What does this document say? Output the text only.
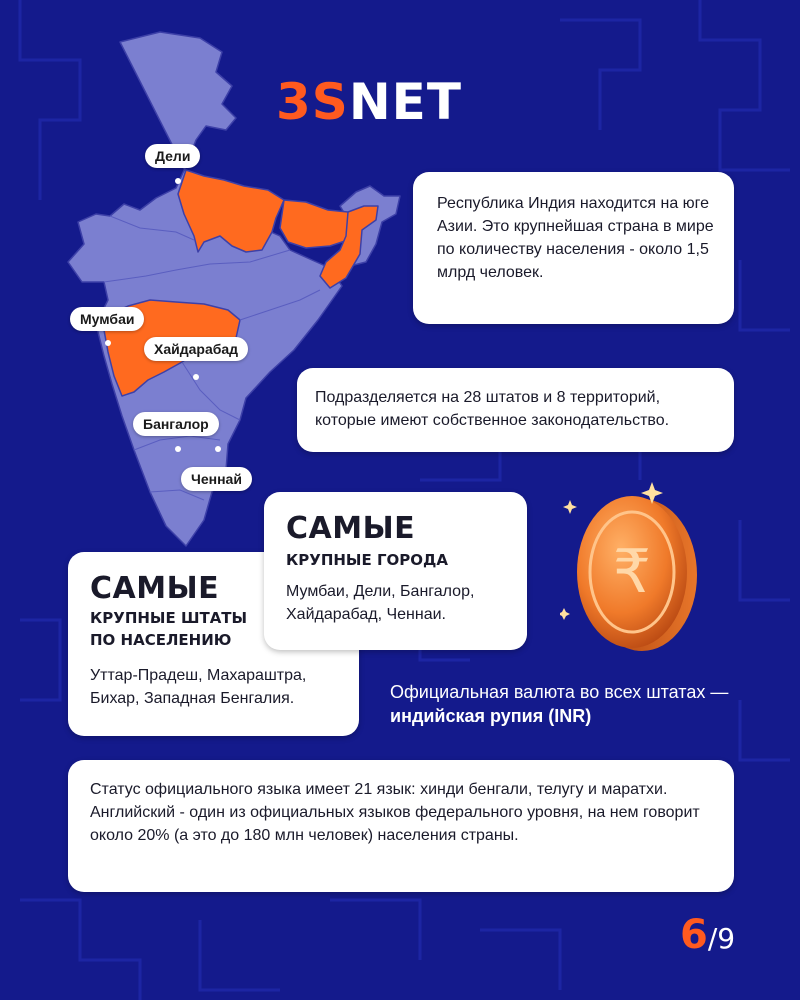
Дели
Мумбаи
Хайдарабад
Бангалор
Ченнай
3SNET

Республика Индия находится на юге Азии. Это крупнейшая страна в мире по количеству населения - около 1,5 млрд человек.

Подразделяется на 28 штатов и 8 территорий, которые имеют собственное законодательство.

САМЫЕ
КРУПНЫЕ ШТАТЫ
ПО НАСЕЛЕНИЮ

Уттар-Прадеш, Махараштра, Бихар, Западная Бенгалия.

САМЫЕ
КРУПНЫЕ ГОРОДА

Мумбаи, Дели, Бангалор, Хайдарабад, Ченнаи.

₹
Официальная валюта во всех штатах — индийская рупия (INR)

Статус официального языка имеет 21 язык: хинди бенгали, телугу и маратхи. Английский - один из официальных языков федерального уровня, на нем говорит около 20% (а это до 180 млн человек) населения страны.

6/9
